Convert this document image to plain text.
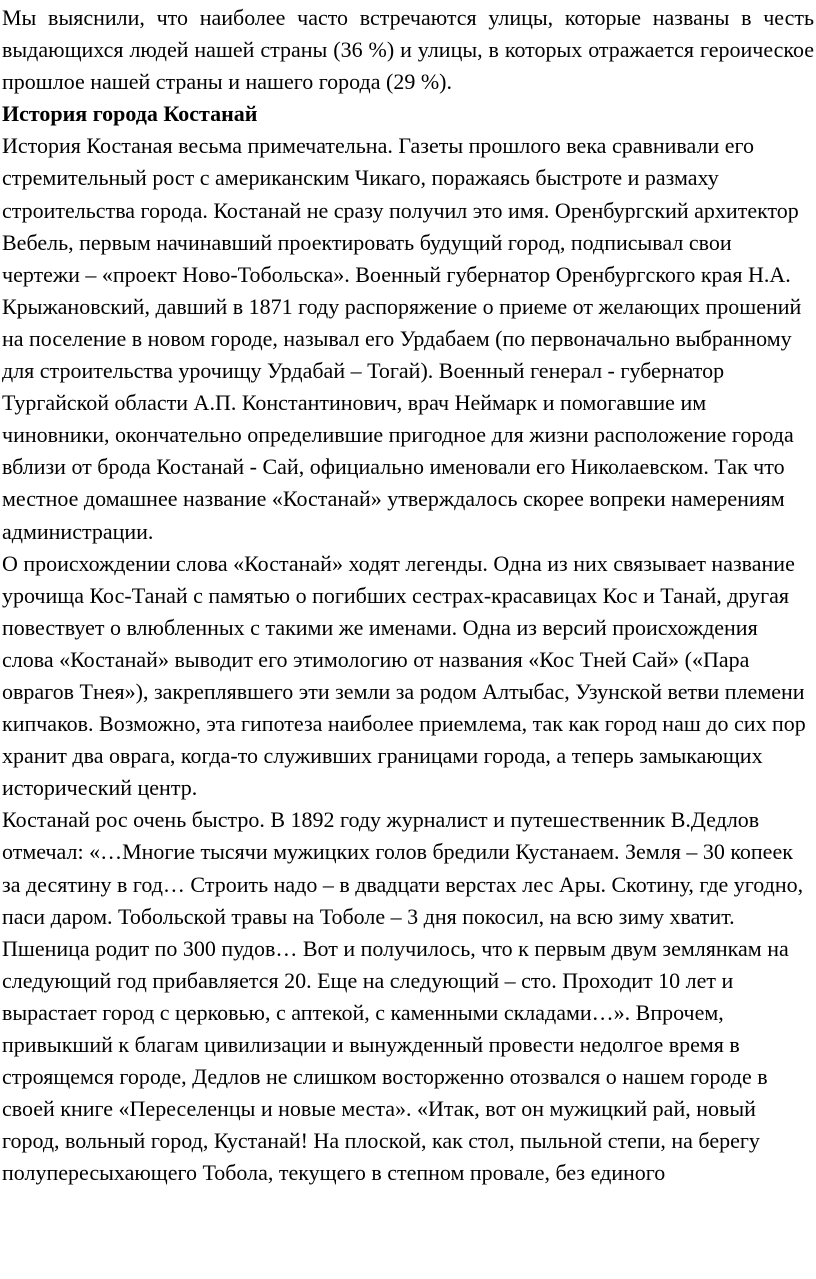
Мы выяснили, что наиболее часто встречаются улицы, которые названы в честь выдающихся людей нашей страны (36 %) и улицы, в которых отражается героическое прошлое нашей страны и нашего города (29 %).

История города Костанай

История Костаная весьма примечательна. Газеты прошлого века сравнивали его стремительный рост с американским Чикаго, поражаясь быстроте и размаху строительства города. Костанай не сразу получил это имя. Оренбургский архитектор Вебель, первым начинавший проектировать будущий город, подписывал свои чертежи – «проект Ново-Тобольска». Военный губернатор Оренбургского края Н.А. Крыжановский, давший в 1871 году распоряжение о приеме от желающих прошений на поселение в новом городе, называл его Урдабаем (по первоначально выбранному для строительства урочищу Урдабай – Тогай). Военный генерал - губернатор Тургайской области А.П. Константинович, врач Неймарк и помогавшие им чиновники, окончательно определившие пригодное для жизни расположение города вблизи от брода Костанай - Сай, официально именовали его Николаевском. Так что местное домашнее название «Костанай» утверждалось скорее вопреки намерениям администрации.

О происхождении слова «Костанай» ходят легенды. Одна из них связывает название урочища Кос-Танай с памятью о погибших сестрах-красавицах Кос и Танай, другая повествует о влюбленных с такими же именами. Одна из версий происхождения слова «Костанай» выводит его этимологию от названия «Кос Тней Сай» («Пара оврагов Тнея»), закреплявшего эти земли за родом Алтыбас, Узунской ветви племени кипчаков. Возможно, эта гипотеза наиболее приемлема, так как город наш до сих пор хранит два оврага, когда-то служивших границами города, а теперь замыкающих исторический центр.

Костанай рос очень быстро. В 1892 году журналист и путешественник В.Дедлов отмечал: «…Многие тысячи мужицких голов бредили Кустанаем. Земля – 30 копеек за десятину в год… Строить надо – в двадцати верстах лес Ары. Скотину, где угодно, паси даром. Тобольской травы на Тоболе – 3 дня покосил, на всю зиму хватит. Пшеница родит по 300 пудов… Вот и получилось, что к первым двум землянкам на следующий год прибавляется 20. Еще на следующий – сто. Проходит 10 лет и вырастает город с церковью, с аптекой, с каменными складами…». Впрочем, привыкший к благам цивилизации и вынужденный провести недолгое время в строящемся городе, Дедлов не слишком восторженно отозвался о нашем городе в своей книге «Переселенцы и новые места». «Итак, вот он мужицкий рай, новый город, вольный город, Кустанай! На плоской, как стол, пыльной степи, на берегу полупересыхающего Тобола, текущего в степном провале, без единого
